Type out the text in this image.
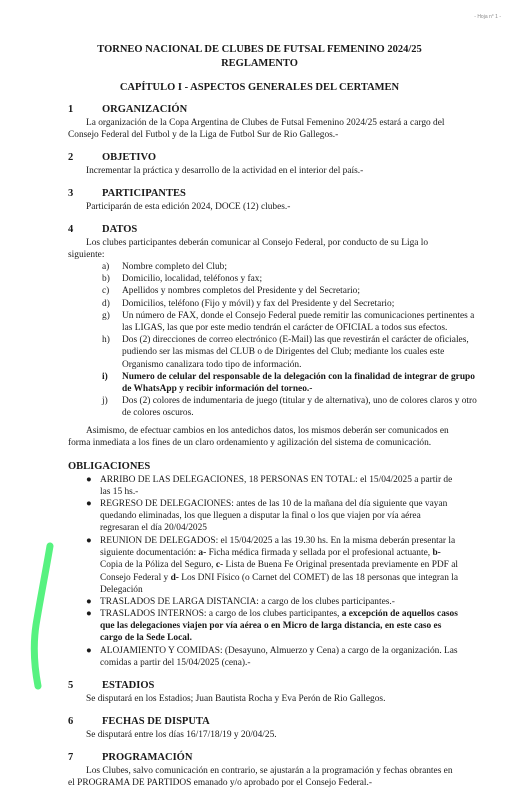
- Hoja n° 1 -
TORNEO NACIONAL DE CLUBES DE FUTSAL FEMENINO 2024/25
REGLAMENTO
CAPÍTULO I - ASPECTOS GENERALES DEL CERTAMEN
1	ORGANIZACIÓN
La organización de la Copa Argentina de Clubes de Futsal Femenino 2024/25 estará a cargo del
Consejo Federal del Futbol y de la Liga de Futbol Sur de Rio Gallegos.-
2	OBJETIVO
Incrementar la práctica y desarrollo de la actividad en el interior del país.-
3	PARTICIPANTES
Participarán de esta edición 2024, DOCE (12) clubes.-
4	DATOS
Los clubes participantes deberán comunicar al Consejo Federal, por conducto de su Liga lo
siguiente:
a)	Nombre completo del Club;
b)	Domicilio, localidad, teléfonos y fax;
c)	Apellidos y nombres completos del Presidente y del Secretario;
d)	Domicilios, teléfono (Fijo y móvil) y fax del Presidente y del Secretario;
g)	Un número de FAX, donde el Consejo Federal puede remitir las comunicaciones pertinentes a
las LIGAS, las que por este medio tendrán el carácter de OFICIAL a todos sus efectos.
h)	Dos (2) direcciones de correo electrónico (E-Mail) las que revestirán el carácter de oficiales,
pudiendo ser las mismas del CLUB o de Dirigentes del Club; mediante los cuales este
Organismo canalizara todo tipo de información.
i)	Numero de celular del responsable de la delegación con la finalidad de integrar de grupo
de WhatsApp y recibir información del torneo.-
j)	Dos (2) colores de indumentaria de juego (titular y de alternativa), uno de colores claros y otro
de colores oscuros.
Asimismo, de efectuar cambios en los antedichos datos, los mismos deberán ser comunicados en
forma inmediata a los fines de un claro ordenamiento y agilización del sistema de comunicación.
OBLIGACIONES
● ARRIBO DE LAS DELEGACIONES, 18 PERSONAS EN TOTAL: el 15/04/2025 a partir de
las 15 hs.-
● REGRESO DE DELEGACIONES: antes de las 10 de la mañana del día siguiente que vayan
quedando eliminadas, los que lleguen a disputar la final o los que viajen por vía aérea
regresaran el día 20/04/2025
● REUNION DE DELEGADOS: el 15/04/2025 a las 19.30 hs. En la misma deberán presentar la
siguiente documentación: a- Ficha médica firmada y sellada por el profesional actuante, b-
Copia de la Póliza del Seguro, c- Lista de Buena Fe Original presentada previamente en PDF al
Consejo Federal y d- Los DNI Físico (o Carnet del COMET) de las 18 personas que integran la
Delegación
● TRASLADOS DE LARGA DISTANCIA: a cargo de los clubes participantes.-
● TRASLADOS INTERNOS: a cargo de los clubes participantes, a excepción de aquellos casos
que las delegaciones viajen por vía aérea o en Micro de larga distancia, en este caso es
cargo de la Sede Local.
● ALOJAMIENTO Y COMIDAS: (Desayuno, Almuerzo y Cena) a cargo de la organización. Las
comidas a partir del 15/04/2025 (cena).-
5	ESTADIOS
Se disputará en los Estadios; Juan Bautista Rocha y Eva Perón de Rio Gallegos.
6	FECHAS DE DISPUTA
Se disputará entre los días 16/17/18/19 y 20/04/25.
7	PROGRAMACIÓN
Los Clubes, salvo comunicación en contrario, se ajustarán a la programación y fechas obrantes en
el PROGRAMA DE PARTIDOS emanado y/o aprobado por el Consejo Federal.-
